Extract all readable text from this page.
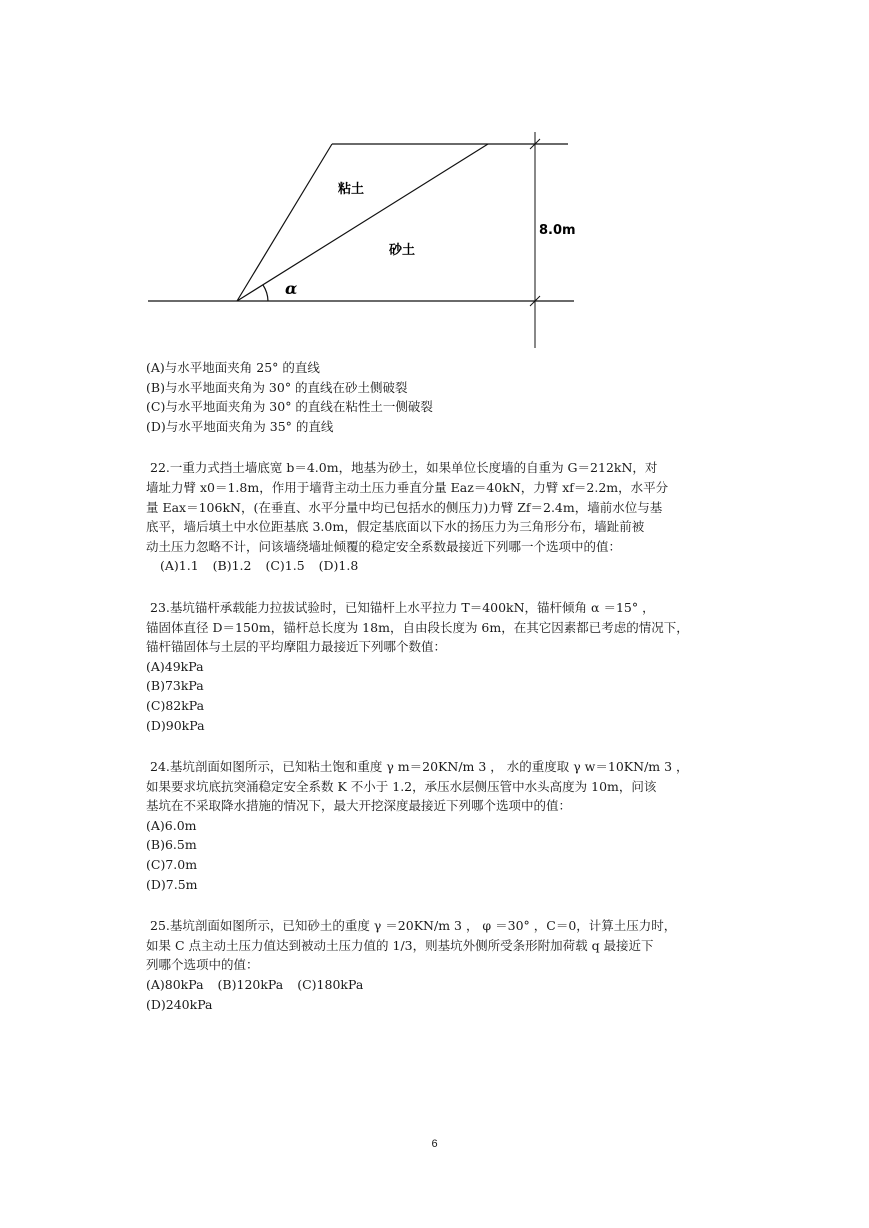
粘土
砂土
8.0m
α
(A)与水平地面夹角 25° 的直线
(B)与水平地面夹角为 30° 的直线在砂土侧破裂
(C)与水平地面夹角为 30° 的直线在粘性土一侧破裂
(D)与水平地面夹角为 35° 的直线
22.一重力式挡土墙底宽 b＝4.0m，地基为砂土，如果单位长度墙的自重为 G＝212kN，对
墙址力臂 x0＝1.8m，作用于墙背主动土压力垂直分量 Eaz＝40kN，力臂 xf＝2.2m，水平分
量 Eax＝106kN，(在垂直、水平分量中均已包括水的侧压力)力臂 Zf＝2.4m，墙前水位与基
底平，墙后填土中水位距基底 3.0m，假定基底面以下水的扬压力为三角形分布，墙趾前被
动土压力忽略不计，问该墙绕墙址倾覆的稳定安全系数最接近下列哪一个选项中的值：
(A)1.1 (B)1.2 (C)1.5 (D)1.8
23.基坑锚杆承载能力拉拔试验时，已知锚杆上水平拉力 T＝400kN，锚杆倾角 α ＝15° ，
锚固体直径 D＝150m，锚杆总长度为 18m，自由段长度为 6m，在其它因素都已考虑的情况下，
锚杆锚固体与土层的平均摩阻力最接近下列哪个数值：
(A)49kPa
(B)73kPa
(C)82kPa
(D)90kPa
24.基坑剖面如图所示，已知粘土饱和重度 γ m＝20KN/m 3 ， 水的重度取 γ w＝10KN/m 3 ，
如果要求坑底抗突涌稳定安全系数 K 不小于 1.2，承压水层侧压管中水头高度为 10m，问该
基坑在不采取降水措施的情况下，最大开挖深度最接近下列哪个选项中的值：
(A)6.0m
(B)6.5m
(C)7.0m
(D)7.5m
25.基坑剖面如图所示，已知砂土的重度 γ ＝20KN/m 3 ， φ ＝30° ，C＝0，计算土压力时，
如果 C 点主动土压力值达到被动土压力值的 1/3，则基坑外侧所受条形附加荷载 q 最接近下
列哪个选项中的值：
(A)80kPa (B)120kPa (C)180kPa
(D)240kPa
6
